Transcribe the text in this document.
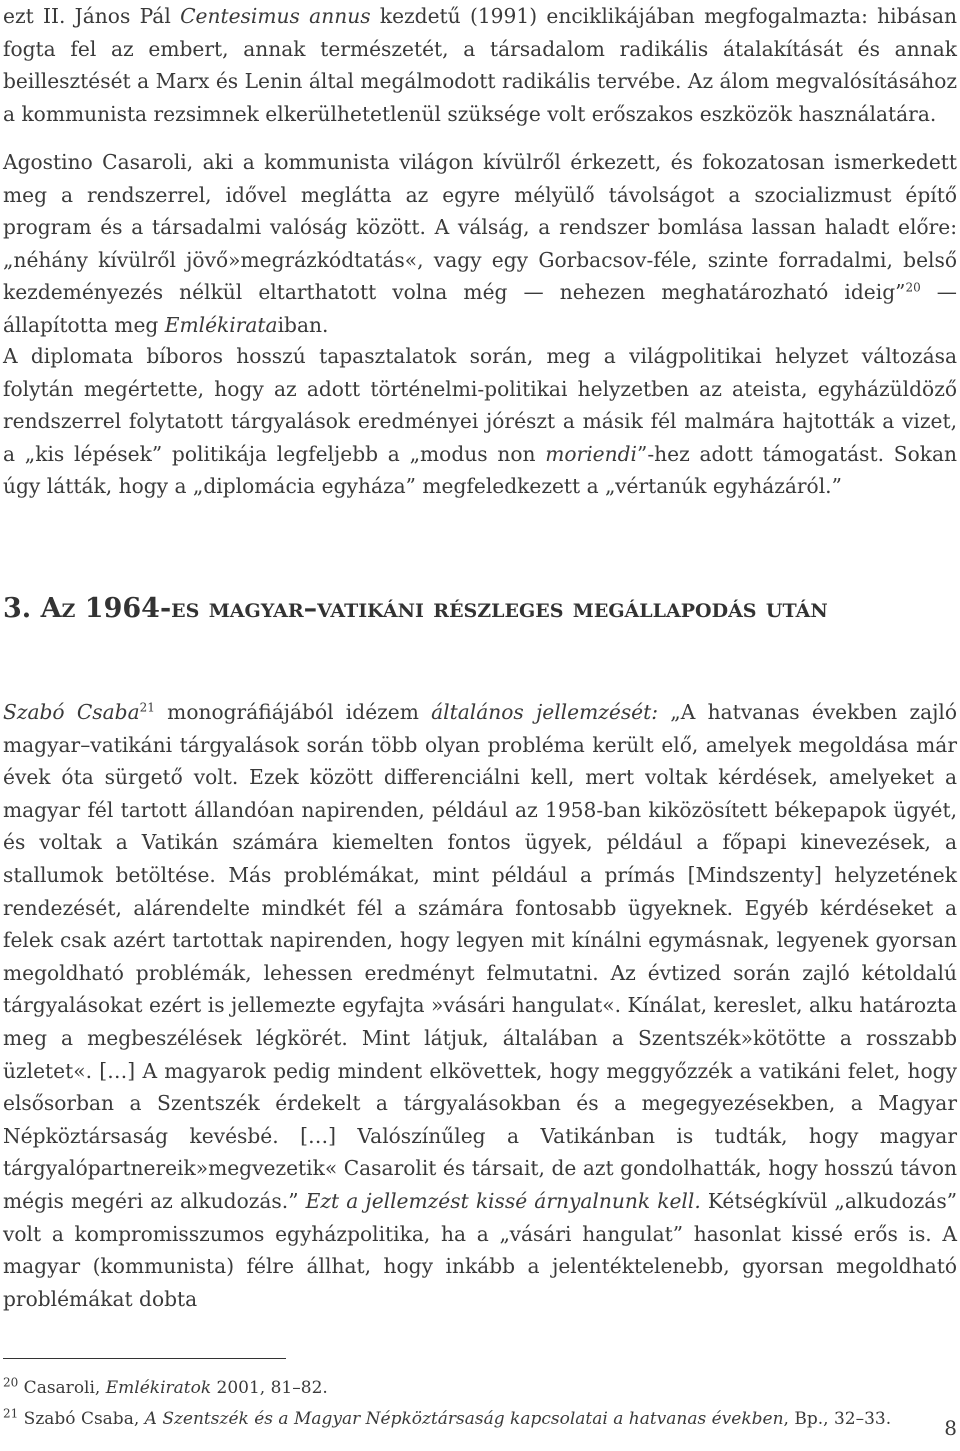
ezt II. János Pál Centesimus annus kezdetű (1991) enciklikájában megfogalmazta: hibásan fogta fel az embert, annak természetét, a társadalom radikális átalakítását és annak beillesztését a Marx és Lenin által megálmodott radikális tervébe. Az álom megvalósításához a kommunista rezsimnek elkerülhetetlenül szüksége volt erőszakos eszközök használatára.

Agostino Casaroli, aki a kommunista világon kívülről érkezett, és fokozatosan ismerkedett meg a rendszerrel, idővel meglátta az egyre mélyülő távolságot a szocializmust építő program és a társadalmi valóság között. A válság, a rendszer bomlása lassan haladt előre: „néhány kívülről jövő»megrázkódtatás«, vagy egy Gorbacsov-féle, szinte forradalmi, belső kezdeményezés nélkül eltarthatott volna még — nehezen meghatározható ideig”$^{20}$ — állapította meg Emlékirataiban.

A diplomata bíboros hosszú tapasztalatok során, meg a világpolitikai helyzet változása folytán megértette, hogy az adott történelmi-politikai helyzetben az ateista, egyházüldöző rendszerrel folytatott tárgyalások eredményei jórészt a másik fél malmára hajtották a vizet, a „kis lépések” politikája legfeljebb a „modus non moriendi”-hez adott támogatást. Sokan úgy látták, hogy a „diplomácia egyháza” megfeledkezett a „vértanúk egyházáról.”

3. Az 1964-es magyar–vatikáni részleges megállapodás után

Szabó Csaba$^{21}$ monográfiájából idézem általános jellemzését: „A hatvanas években zajló magyar–vatikáni tárgyalások során több olyan probléma került elő, amelyek megoldása már évek óta sürgető volt. Ezek között differenciálni kell, mert voltak kérdések, amelyeket a magyar fél tartott állandóan napirenden, például az 1958-ban kiközösített békepapok ügyét, és voltak a Vatikán számára kiemelten fontos ügyek, például a főpapi kinevezések, a stallumok betöltése. Más problémákat, mint például a prímás [Mindszenty] helyzetének rendezését, alárendelte mindkét fél a számára fontosabb ügyeknek. Egyéb kérdéseket a felek csak azért tartottak napirenden, hogy legyen mit kínálni egymásnak, legyenek gyorsan megoldható problémák, lehessen eredményt felmutatni. Az évtized során zajló kétoldalú tárgyalásokat ezért is jellemezte egyfajta »vásári hangulat«. Kínálat, kereslet, alku határozta meg a megbeszélések légkörét. Mint látjuk, általában a Szentszék»kötötte a rosszabb üzletet«. […] A magyarok pedig mindent elkövettek, hogy meggyőzzék a vatikáni felet, hogy elsősorban a Szentszék érdekelt a tárgyalásokban és a megegyezésekben, a Magyar Népköztársaság kevésbé. […] Valószínűleg a Vatikánban is tudták, hogy magyar tárgyalópartnereik»megvezetik« Casarolit és társait, de azt gondolhatták, hogy hosszú távon mégis megéri az alkudozás.” Ezt a jellemzést kissé árnyalnunk kell. Kétségkívül „alkudozás” volt a kompromisszumos egyházpolitika, ha a „vásári hangulat” hasonlat kissé erős is. A magyar (kommunista) félre állhat, hogy inkább a jelentéktelenebb, gyorsan megoldható problémákat dobta

$^{20}$ Casaroli, Emlékiratok 2001, 81–82.
$^{21}$ Szabó Csaba, A Szentszék és a Magyar Népköztársaság kapcsolatai a hatvanas években, Bp., 32–33.	8
